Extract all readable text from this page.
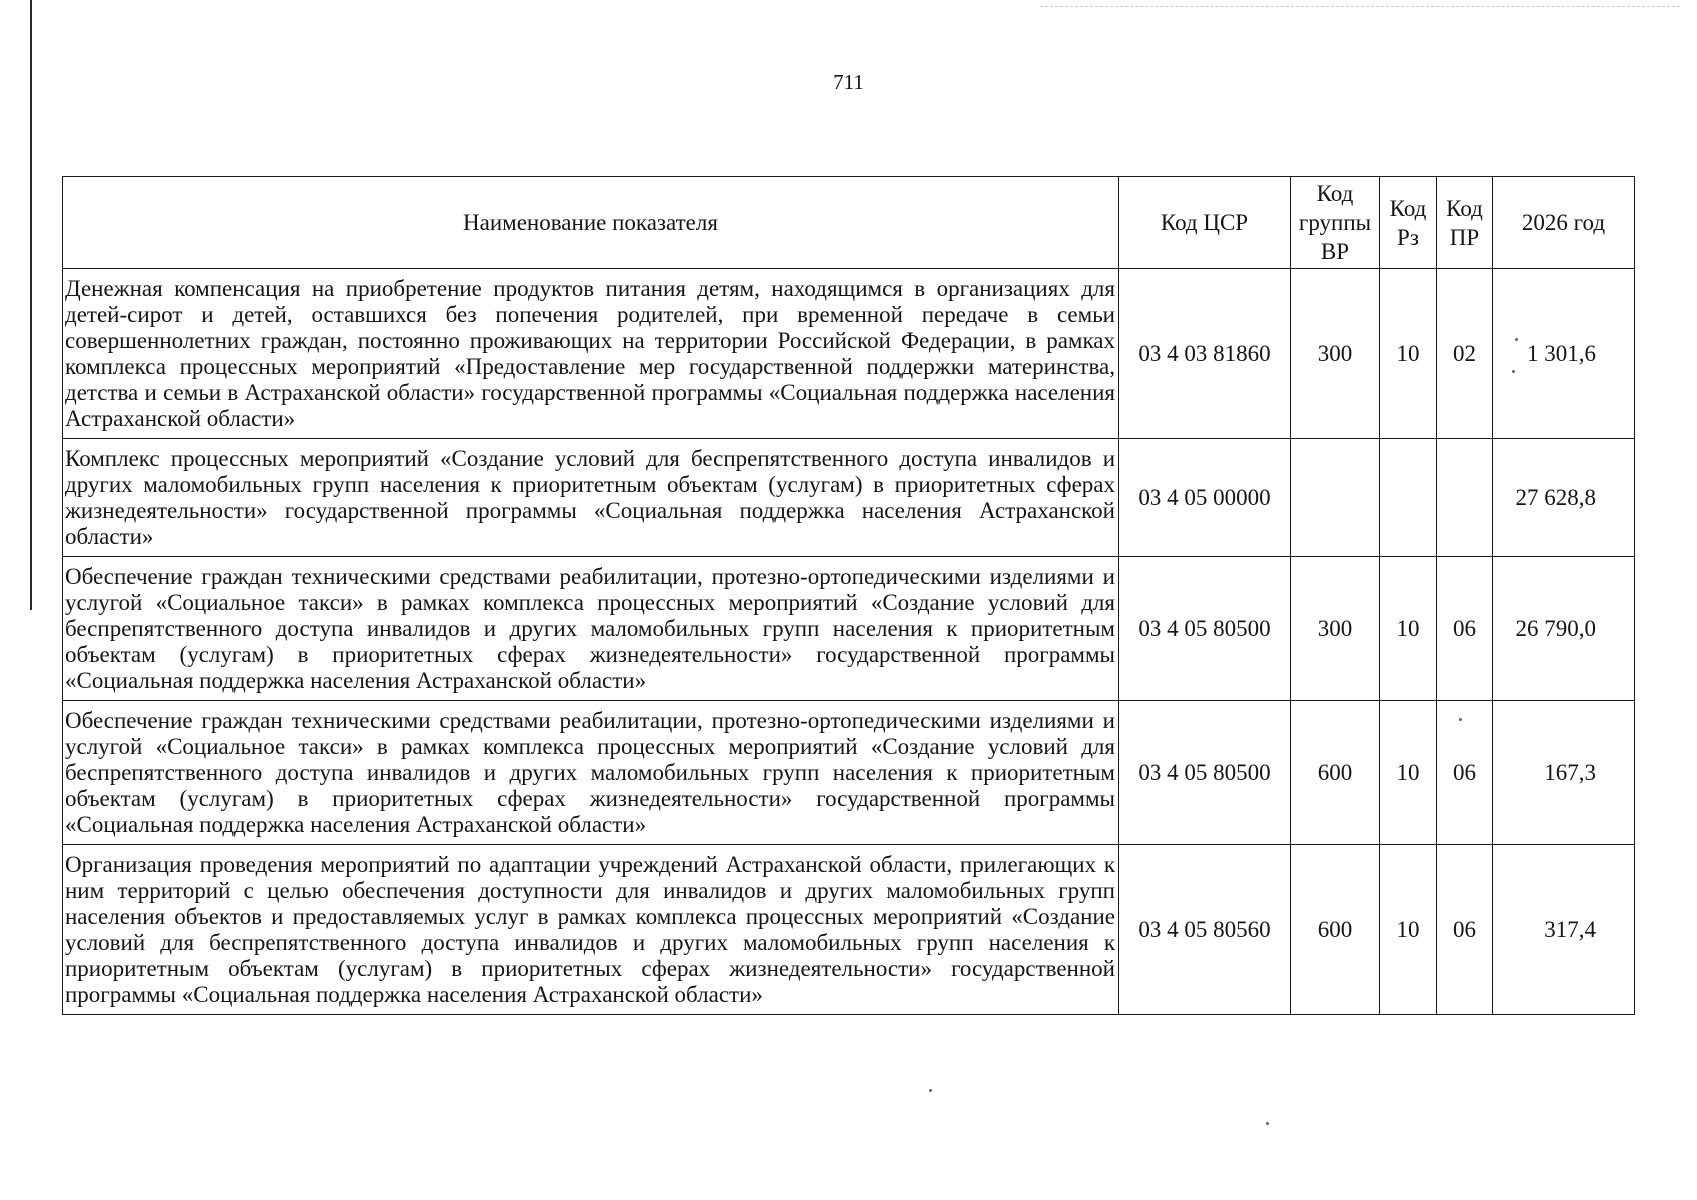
711
Наименование показателя	Код ЦСР	Код группы ВР	Код Рз	Код ПР	2026 год
Денежная компенсация на приобретение продуктов питания детям, находящимся в организациях для детей-сирот и детей, оставшихся без попечения родителей, при временной передаче в семьи совершеннолетних граждан, постоянно проживающих на территории Российской Федерации, в рамках комплекса процессных мероприятий «Предоставление мер государственной поддержки материнства, детства и семьи в Астраханской области» государственной программы «Социальная поддержка населения Астраханской области»	03 4 03 81860	300	10	02	1 301,6
Комплекс процессных мероприятий «Создание условий для беспрепятственного доступа инвалидов и других маломобильных групп населения к приоритетным объектам (услугам) в приоритетных сферах жизнедеятельности» государственной программы «Социальная поддержка населения Астраханской области»	03 4 05 00000				27 628,8
Обеспечение граждан техническими средствами реабилитации, протезно-ортопедическими изделиями и услугой «Социальное такси» в рамках комплекса процессных мероприятий «Создание условий для беспрепятственного доступа инвалидов и других маломобильных групп населения к приоритетным объектам (услугам) в приоритетных сферах жизнедеятельности» государственной программы «Социальная поддержка населения Астраханской области»	03 4 05 80500	300	10	06	26 790,0
Обеспечение граждан техническими средствами реабилитации, протезно-ортопедическими изделиями и услугой «Социальное такси» в рамках комплекса процессных мероприятий «Создание условий для беспрепятственного доступа инвалидов и других маломобильных групп населения к приоритетным объектам (услугам) в приоритетных сферах жизнедеятельности» государственной программы «Социальная поддержка населения Астраханской области»	03 4 05 80500	600	10	06	167,3
Организация проведения мероприятий по адаптации учреждений Астраханской области, прилегающих к ним территорий с целью обеспечения доступности для инвалидов и других маломобильных групп населения объектов и предоставляемых услуг в рамках комплекса процессных мероприятий «Создание условий для беспрепятственного доступа инвалидов и других маломобильных групп населения к приоритетным объектам (услугам) в приоритетных сферах жизнедеятельности» государственной программы «Социальная поддержка населения Астраханской области»	03 4 05 80560	600	10	06	317,4
